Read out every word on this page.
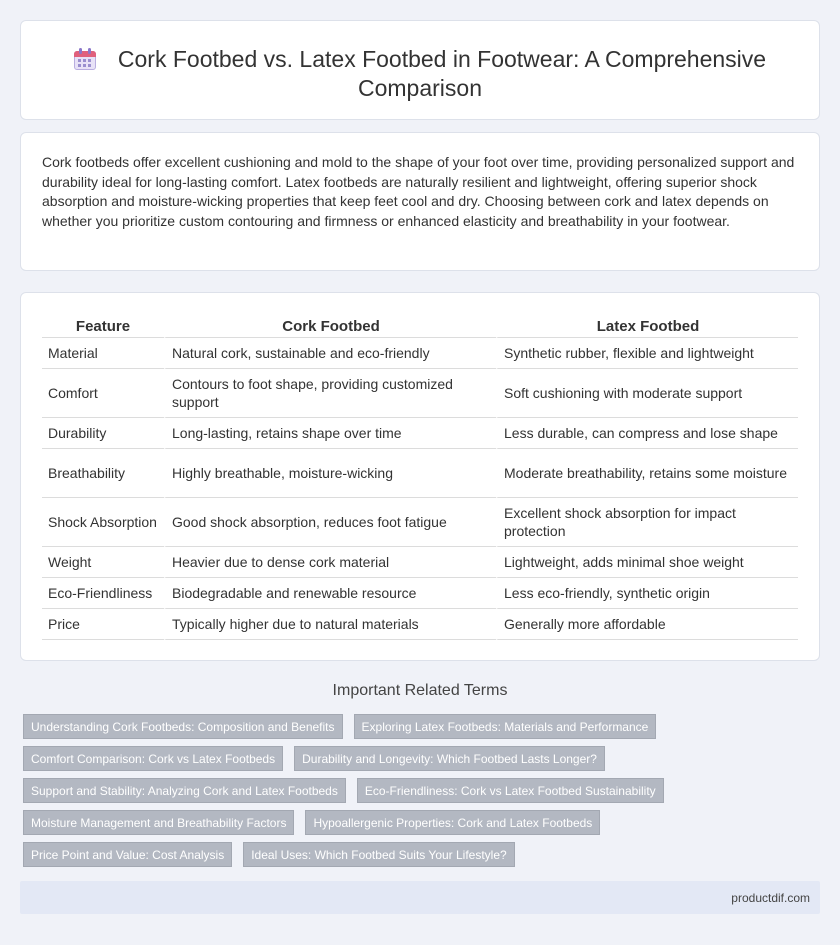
Cork Footbed vs. Latex Footbed in Footwear: A Comprehensive Comparison

Cork footbeds offer excellent cushioning and mold to the shape of your foot over time, providing personalized support and durability ideal for long-lasting comfort. Latex footbeds are naturally resilient and lightweight, offering superior shock absorption and moisture-wicking properties that keep feet cool and dry. Choosing between cork and latex depends on whether you prioritize custom contouring and firmness or enhanced elasticity and breathability in your footwear.

Feature	Cork Footbed	Latex Footbed
Material	Natural cork, sustainable and eco-friendly	Synthetic rubber, flexible and lightweight
Comfort	Contours to foot shape, providing customized support	Soft cushioning with moderate support
Durability	Long-lasting, retains shape over time	Less durable, can compress and lose shape
Breathability	Highly breathable, moisture-wicking	Moderate breathability, retains some moisture
Shock Absorption	Good shock absorption, reduces foot fatigue	Excellent shock absorption for impact protection
Weight	Heavier due to dense cork material	Lightweight, adds minimal shoe weight
Eco-Friendliness	Biodegradable and renewable resource	Less eco-friendly, synthetic origin
Price	Typically higher due to natural materials	Generally more affordable
Important Related Terms
Understanding Cork Footbeds: Composition and Benefits	Exploring Latex Footbeds: Materials and Performance
Comfort Comparison: Cork vs Latex Footbeds	Durability and Longevity: Which Footbed Lasts Longer?
Support and Stability: Analyzing Cork and Latex Footbeds	Eco-Friendliness: Cork vs Latex Footbed Sustainability
Moisture Management and Breathability Factors	Hypoallergenic Properties: Cork and Latex Footbeds
Price Point and Value: Cost Analysis	Ideal Uses: Which Footbed Suits Your Lifestyle?
productdif.com
